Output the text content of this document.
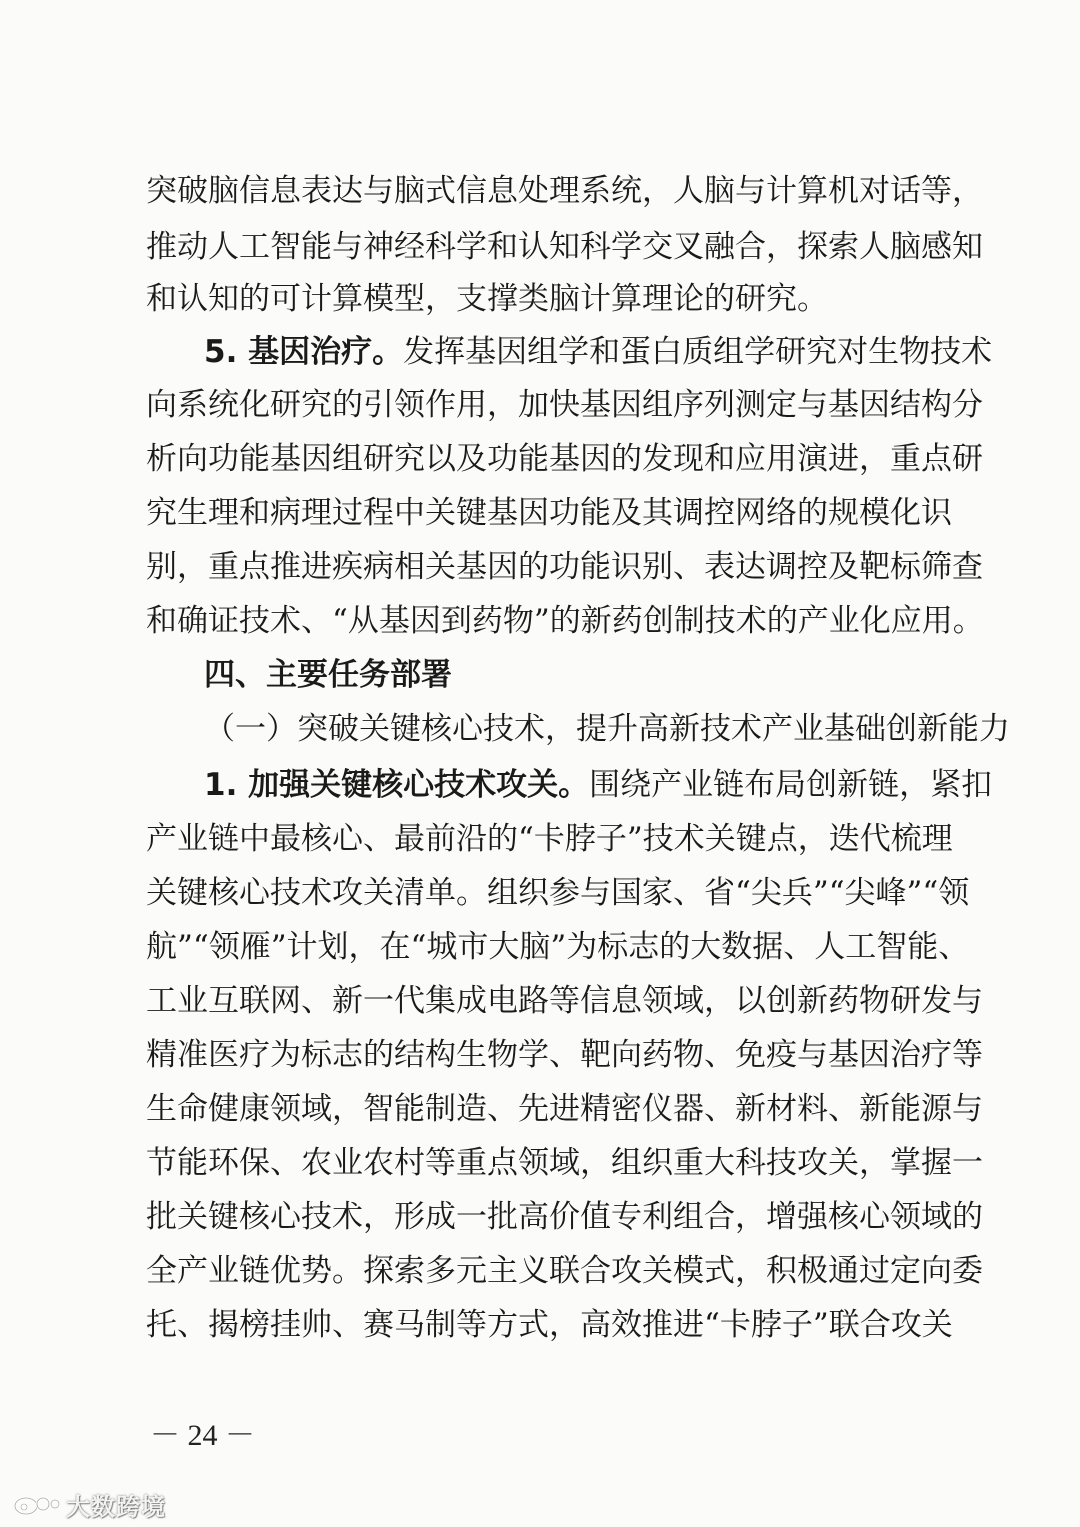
突破脑信息表达与脑式信息处理系统，人脑与计算机对话等，
推动人工智能与神经科学和认知科学交叉融合，探索人脑感知
和认知的可计算模型，支撑类脑计算理论的研究。
5. 基因治疗。发挥基因组学和蛋白质组学研究对生物技术
向系统化研究的引领作用，加快基因组序列测定与基因结构分
析向功能基因组研究以及功能基因的发现和应用演进，重点研
究生理和病理过程中关键基因功能及其调控网络的规模化识
别，重点推进疾病相关基因的功能识别、表达调控及靶标筛查
和确证技术、“从基因到药物”的新药创制技术的产业化应用。
四、主要任务部署
（一）突破关键核心技术，提升高新技术产业基础创新能力
1. 加强关键核心技术攻关。围绕产业链布局创新链，紧扣
产业链中最核心、最前沿的“卡脖子”技术关键点，迭代梳理
关键核心技术攻关清单。组织参与国家、省“尖兵”“尖峰”“领
航”“领雁”计划，在“城市大脑”为标志的大数据、人工智能、
工业互联网、新一代集成电路等信息领域，以创新药物研发与
精准医疗为标志的结构生物学、靶向药物、免疫与基因治疗等
生命健康领域，智能制造、先进精密仪器、新材料、新能源与
节能环保、农业农村等重点领域，组织重大科技攻关，掌握一
批关键核心技术，形成一批高价值专利组合，增强核心领域的
全产业链优势。探索多元主义联合攻关模式，积极通过定向委
托、揭榜挂帅、赛马制等方式，高效推进“卡脖子”联合攻关
－ 24 －
大数跨境
